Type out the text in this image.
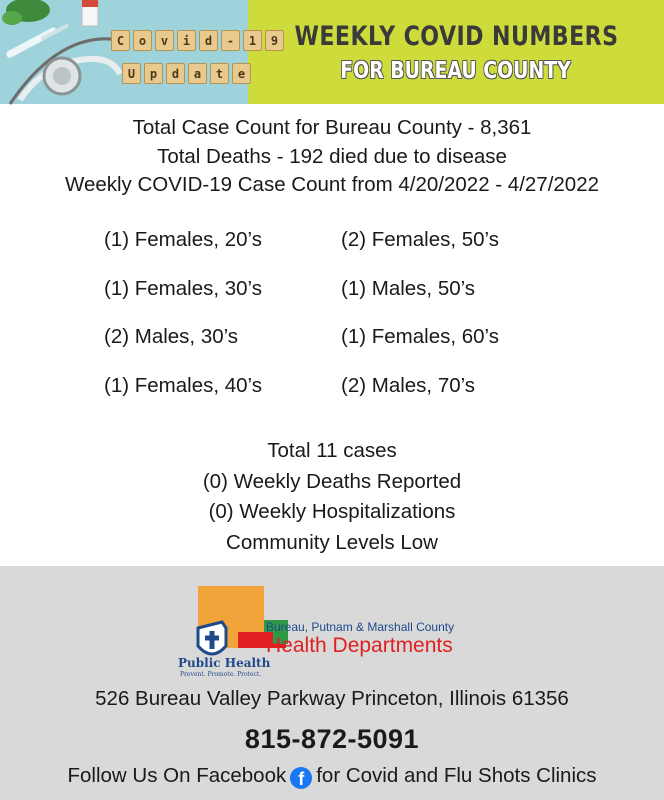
C	o	v	i	d	-	1	9
U	p	d	a	t	e
WEEKLY COVID NUMBERS
FOR BUREAU COUNTY
Total Case Count for Bureau County - 8,361
Total Deaths - 192 died due to disease
Weekly COVID-19 Case Count from 4/20/2022 - 4/27/2022
(1) Females, 20’s	(2) Females, 50’s
(1) Females, 30’s	(1) Males, 50’s
(2) Males, 30’s	(1) Females, 60’s
(1) Females, 40’s	(2) Males, 70’s
Total 11 cases
(0) Weekly Deaths Reported
(0) Weekly Hospitalizations
Community Levels Low
Bureau, Putnam & Marshall County
Health Departments
Public Health
Prevent. Promote. Protect.
526 Bureau Valley Parkway Princeton, Illinois 61356
815-872-5091
Follow Us On Facebook f for Covid and Flu Shots Clinics
